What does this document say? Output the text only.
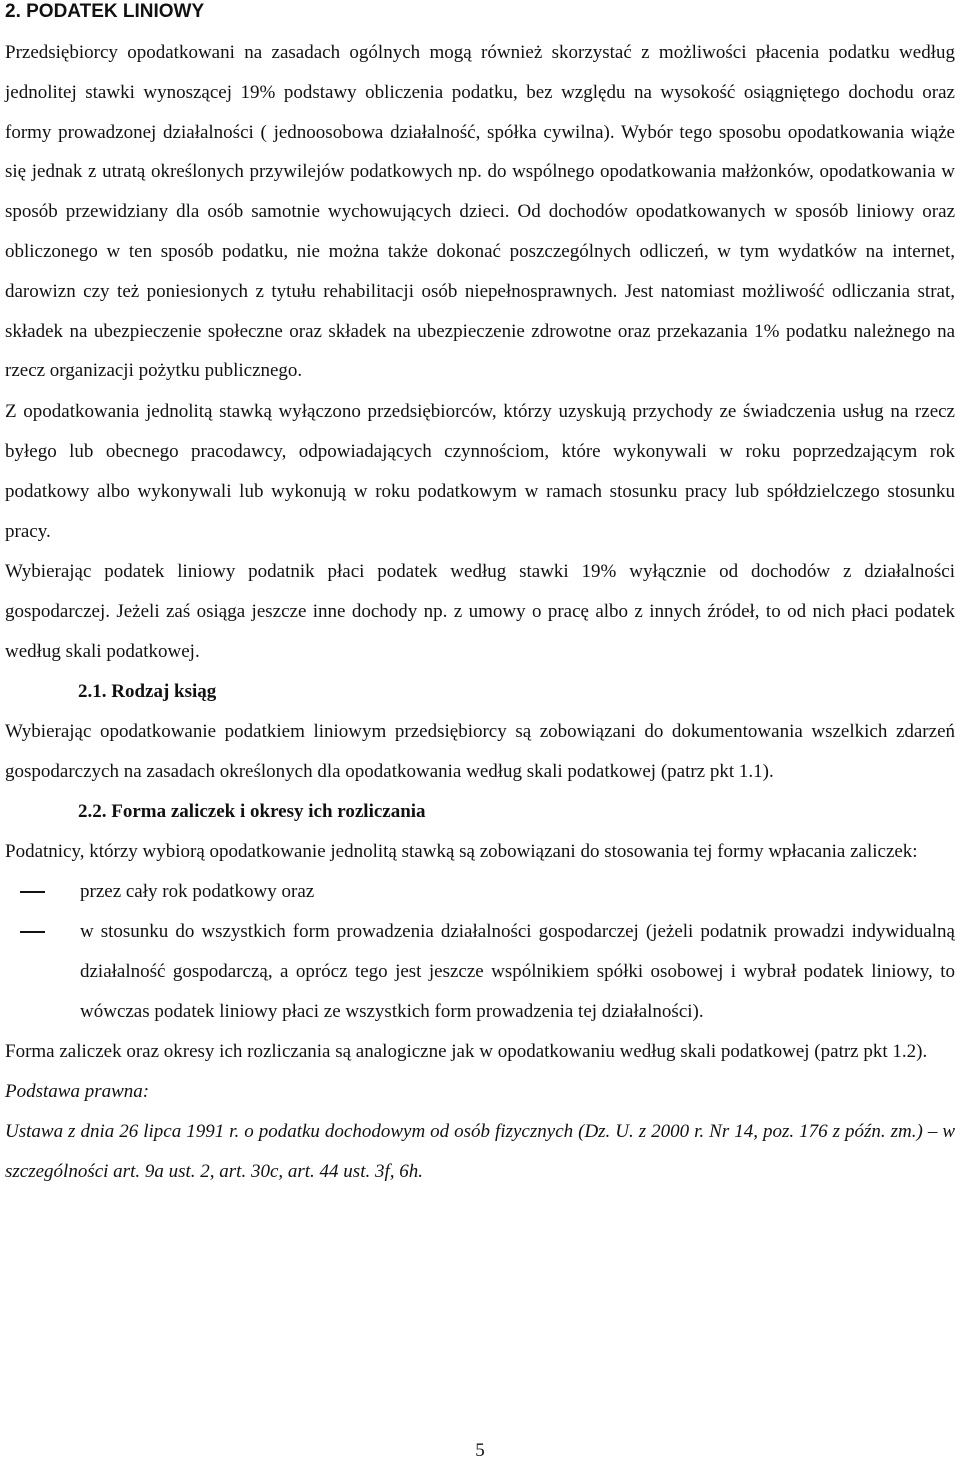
2. PODATEK LINIOWY

Przedsiębiorcy opodatkowani na zasadach ogólnych mogą również skorzystać z możliwości płacenia podatku według jednolitej stawki wynoszącej 19% podstawy obliczenia podatku, bez względu na wysokość osiągniętego dochodu oraz formy prowadzonej działalności ( jednoosobowa działalność, spółka cywilna). Wybór tego sposobu opodatkowania wiąże się jednak z utratą określonych przywilejów podatkowych np. do wspólnego opodatkowania małżonków, opodatkowania w sposób przewidziany dla osób samotnie wychowujących dzieci. Od dochodów opodatkowanych w sposób liniowy oraz obliczonego w ten sposób podatku, nie można także dokonać poszczególnych odliczeń, w tym wydatków na internet, darowizn czy też poniesionych z tytułu rehabilitacji osób niepełnosprawnych. Jest natomiast możliwość odliczania strat, składek na ubezpieczenie społeczne oraz składek na ubezpieczenie zdrowotne oraz przekazania 1% podatku należnego na rzecz organizacji pożytku publicznego.

Z opodatkowania jednolitą stawką wyłączono przedsiębiorców, którzy uzyskują przychody ze świadczenia usług na rzecz byłego lub obecnego pracodawcy, odpowiadających czynnościom, które wykonywali w roku poprzedzającym rok podatkowy albo wykonywali lub wykonują w roku podatkowym w ramach stosunku pracy lub spółdzielczego stosunku pracy.

Wybierając podatek liniowy podatnik płaci podatek według stawki 19% wyłącznie od dochodów z działalności gospodarczej. Jeżeli zaś osiąga jeszcze inne dochody np. z umowy o pracę albo z innych źródeł, to od nich płaci podatek według skali podatkowej.

2.1. Rodzaj ksiąg

Wybierając opodatkowanie podatkiem liniowym przedsiębiorcy są zobowiązani do dokumentowania wszelkich zdarzeń gospodarczych na zasadach określonych dla opodatkowania według skali podatkowej (patrz pkt 1.1).

2.2. Forma zaliczek i okresy ich rozliczania

Podatnicy, którzy wybiorą opodatkowanie jednolitą stawką są zobowiązani do stosowania tej formy wpłacania zaliczek:

przez cały rok podatkowy oraz
w stosunku do wszystkich form prowadzenia działalności gospodarczej (jeżeli podatnik prowadzi indywidualną działalność gospodarczą, a oprócz tego jest jeszcze wspólnikiem spółki osobowej i wybrał podatek liniowy, to wówczas podatek liniowy płaci ze wszystkich form prowadzenia tej działalności).

Forma zaliczek oraz okresy ich rozliczania są analogiczne jak w opodatkowaniu według skali podatkowej (patrz pkt 1.2).

Podstawa prawna:

Ustawa z dnia 26 lipca 1991 r. o podatku dochodowym od osób fizycznych (Dz. U. z 2000 r. Nr 14, poz. 176 z późn. zm.) – w szczególności art. 9a ust. 2, art. 30c, art. 44 ust. 3f, 6h.

5
